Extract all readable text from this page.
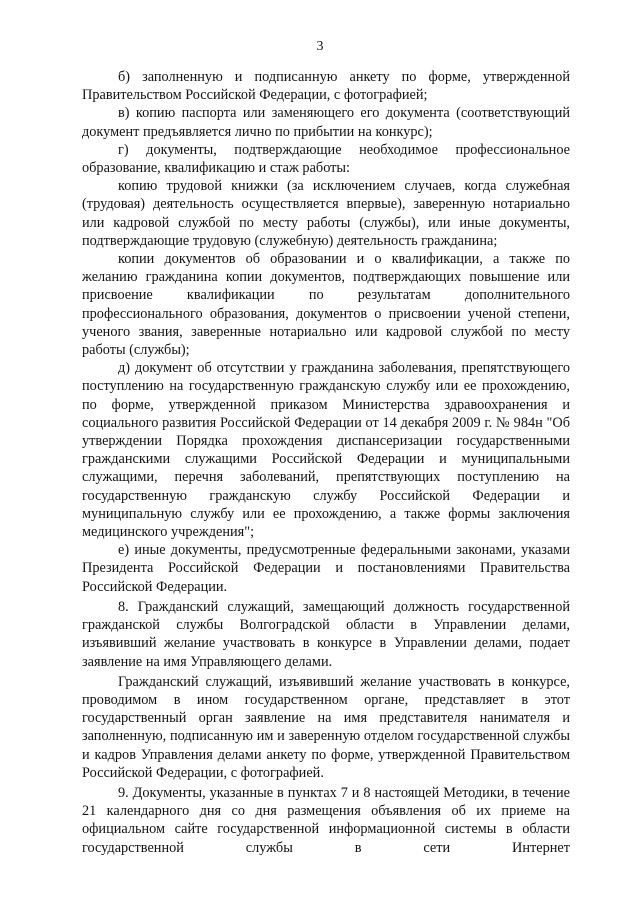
3

б) заполненную и подписанную анкету по форме, утвержденной Правительством Российской Федерации, с фотографией;

в) копию паспорта или заменяющего его документа (соответствующий документ предъявляется лично по прибытии на конкурс);

г) документы, подтверждающие необходимое профессиональное образование, квалификацию и стаж работы:

копию трудовой книжки (за исключением случаев, когда служебная (трудовая) деятельность осуществляется впервые), заверенную нотариально или кадровой службой по месту работы (службы), или иные документы, подтверждающие трудовую (служебную) деятельность гражданина;

копии документов об образовании и о квалификации, а также по желанию гражданина копии документов, подтверждающих повышение или присвоение квалификации по результатам дополнительного профессионального образования, документов о присвоении ученой степени, ученого звания, заверенные нотариально или кадровой службой по месту работы (службы);

д) документ об отсутствии у гражданина заболевания, препятствующего поступлению на государственную гражданскую службу или ее прохождению, по форме, утвержденной приказом Министерства здравоохранения и социального развития Российской Федерации от 14 декабря 2009 г. № 984н "Об утверждении Порядка прохождения диспансеризации государственными гражданскими служащими Российской Федерации и муниципальными служащими, перечня заболеваний, препятствующих поступлению на государственную гражданскую службу Российской Федерации и муниципальную службу или ее прохождению, а также формы заключения медицинского учреждения";

е) иные документы, предусмотренные федеральными законами, указами Президента Российской Федерации и постановлениями Правительства Российской Федерации.

8. Гражданский служащий, замещающий должность государственной гражданской службы Волгоградской области в Управлении делами, изъявивший желание участвовать в конкурсе в Управлении делами, подает заявление на имя Управляющего делами.

Гражданский служащий, изъявивший желание участвовать в конкурсе, проводимом в ином государственном органе, представляет в этот государственный орган заявление на имя представителя нанимателя и заполненную, подписанную им и заверенную отделом государственной службы и кадров Управления делами анкету по форме, утвержденной Правительством Российской Федерации, с фотографией.

9. Документы, указанные в пунктах 7 и 8 настоящей Методики, в течение 21 календарного дня со дня размещения объявления об их приеме на официальном сайте государственной информационной системы в области государственной службы в сети Интернет
